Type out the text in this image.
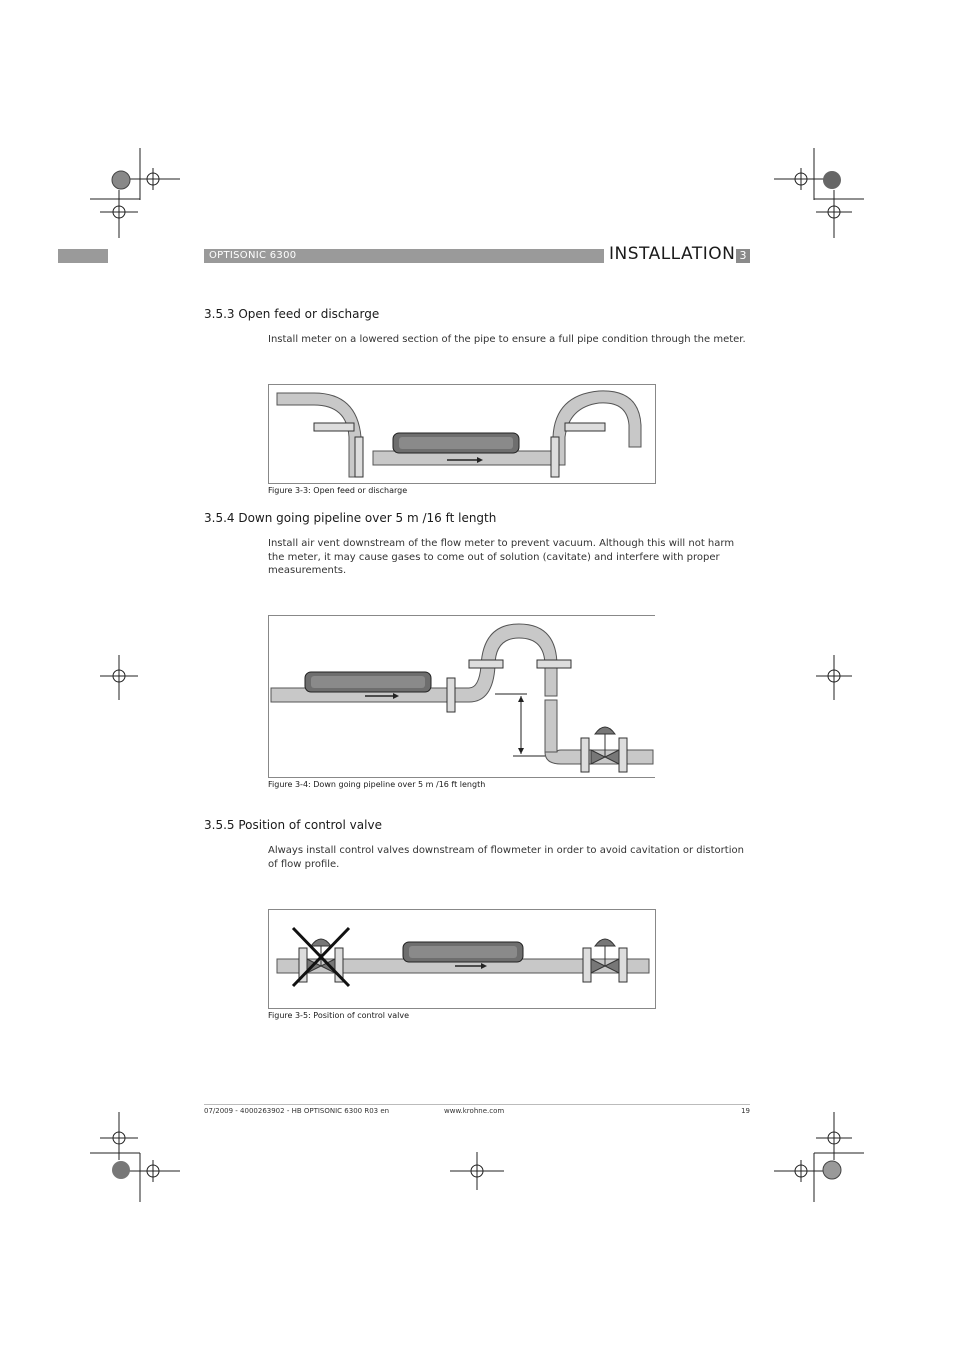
OPTISONIC 6300	INSTALLATION 3
3.5.3 Open feed or discharge
Install meter on a lowered section of the pipe to ensure a full pipe condition through the meter.
Figure 3-3: Open feed or discharge
3.5.4 Down going pipeline over 5 m /16 ft length
Install air vent downstream of the flow meter to prevent vacuum. Although this will not harm the meter, it may cause gases to come out of solution (cavitate) and interfere with proper measurements.
Figure 3-4: Down going pipeline over 5 m /16 ft length
3.5.5 Position of control valve
Always install control valves downstream of flowmeter in order to avoid cavitation or distortion of flow profile.
Figure 3-5: Position of control valve
07/2009 - 4000263902 - HB OPTISONIC 6300 R03 en	www.krohne.com	19
